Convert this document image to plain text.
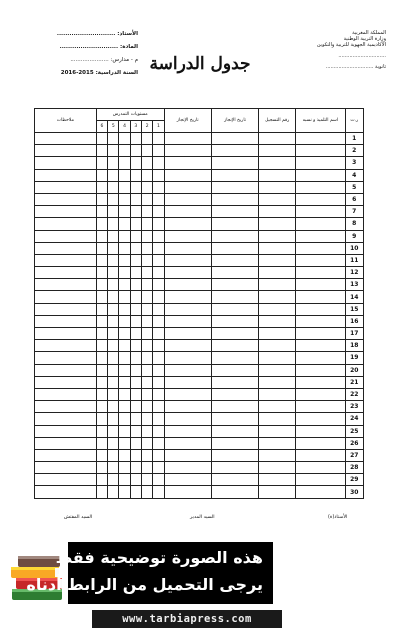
المملكة المغربية
وزارة التربية الوطنية
الأكاديمية الجهوية للتربية والتكوين
..............................
ثانوية ..............................
الأستاذ: ............................
المادة: ............................
م - مدارس: ......................
السنة الدراسية: 2015-2016 جدول الدراسة
ر.ت	اسم التلميذ و نسبه	رقم التسجيل	تاريخ الإنجاز	تاريخ الإنجاز	مستويات التمدرس						ملاحظات
					1	2	3	4	5	6	
1											
2											
3											
4											
5											
6											
7											
8											
9											
10											
11											
12											
13											
14											
15											
16											
17											
18											
19											
20											
21											
22											
23											
24											
25											
26											
27											
28											
29											
30											
الأستاذ(ة)
السيد المدير
السيد المفتش
هذه الصورة توضيحية فقط
يرجى التحميل من الرابط أدناه
www.tarbiapress.com
